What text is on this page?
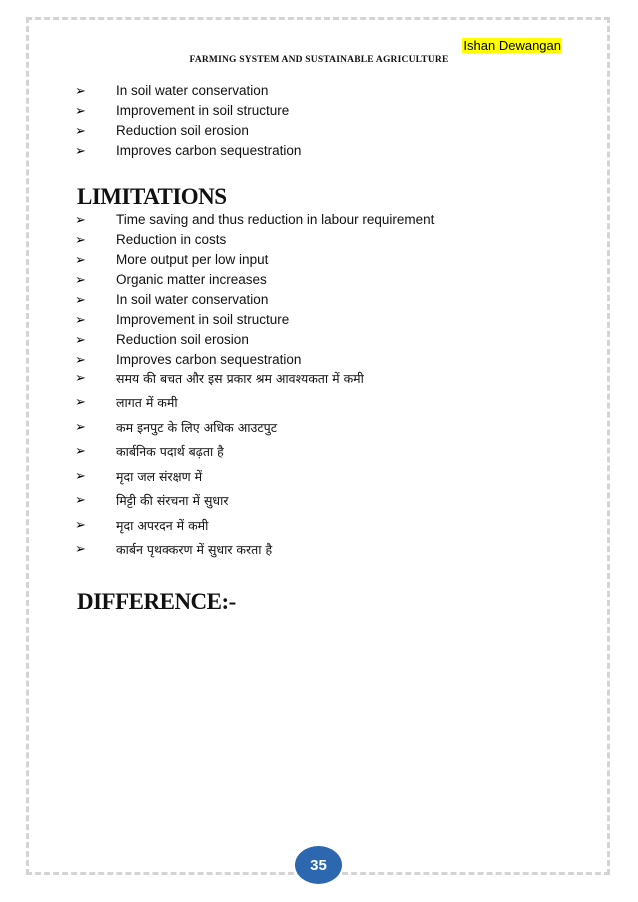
Ishan Dewangan
FARMING SYSTEM AND SUSTAINABLE AGRICULTURE
➢	In soil water conservation
➢	Improvement in soil structure
➢	Reduction soil erosion
➢	Improves carbon sequestration
LIMITATIONS
➢	Time saving and thus reduction in labour requirement
➢	Reduction in costs
➢	More output per low input
➢	Organic matter increases
➢	In soil water conservation
➢	Improvement in soil structure
➢	Reduction soil erosion
➢	Improves carbon sequestration
➢	समय की बचत और इस प्रकार श्रम आवश्यकता में कमी
➢	लागत में कमी
➢	कम इनपुट के लिए अधिक आउटपुट
➢	कार्बनिक पदार्थ बढ़ता है
➢	मृदा जल संरक्षण में
➢	मिट्टी की संरचना में सुधार
➢	मृदा अपरदन में कमी
➢	कार्बन पृथक्करण में सुधार करता है
DIFFERENCE:-
35
